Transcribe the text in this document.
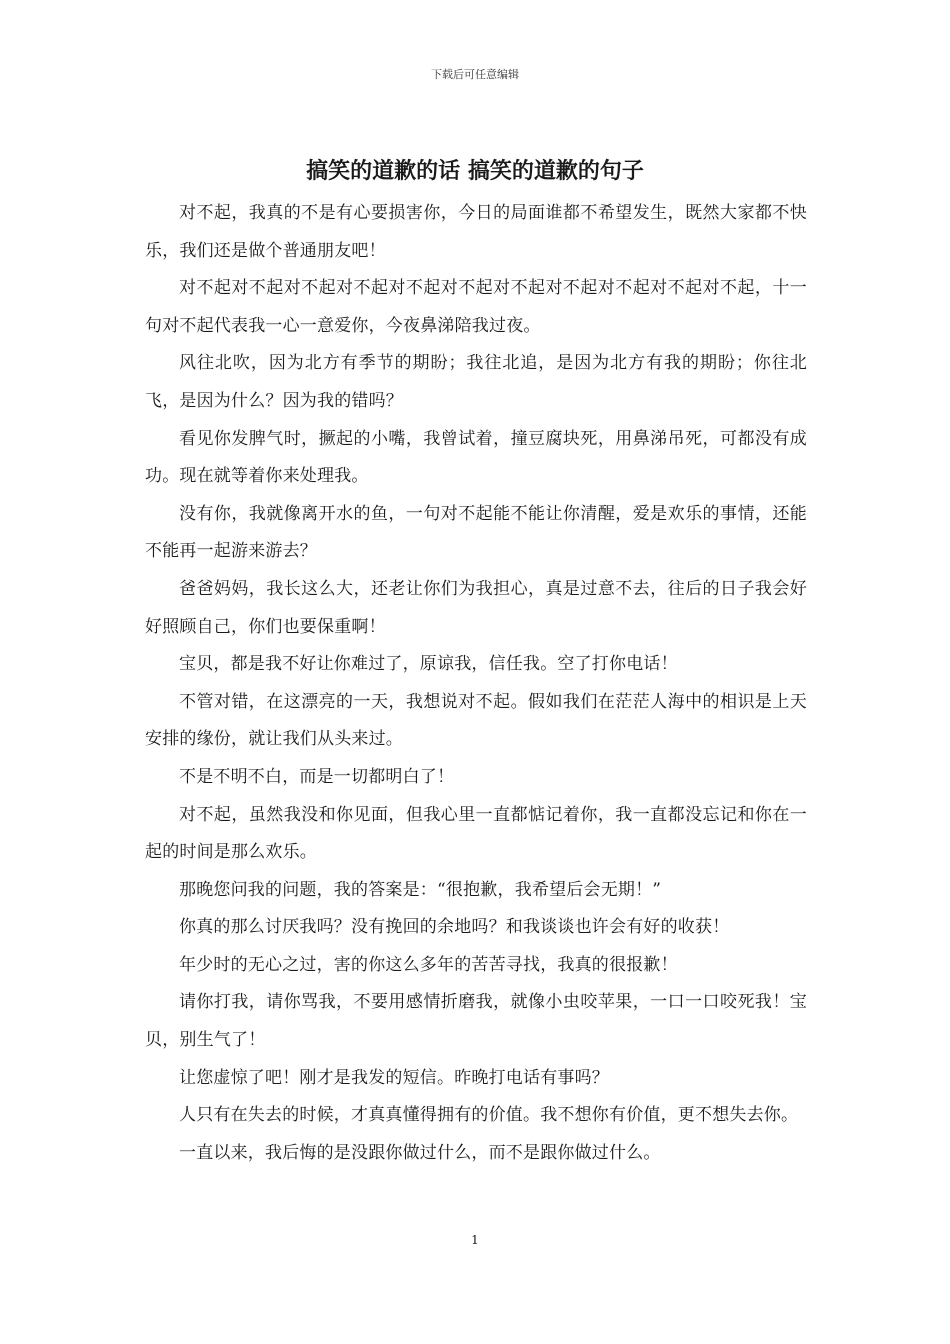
下载后可任意编辑
搞笑的道歉的话 搞笑的道歉的句子

对不起，我真的不是有心要损害你，今日的局面谁都不希望发生，既然大家都不快乐，我们还是做个普通朋友吧！

对不起对不起对不起对不起对不起对不起对不起对不起对不起对不起对不起，十一句对不起代表我一心一意爱你，今夜鼻涕陪我过夜。

风往北吹，因为北方有季节的期盼；我往北追，是因为北方有我的期盼；你往北飞，是因为什么？因为我的错吗？

看见你发脾气时，撅起的小嘴，我曾试着，撞豆腐块死，用鼻涕吊死，可都没有成功。现在就等着你来处理我。

没有你，我就像离开水的鱼，一句对不起能不能让你清醒，爱是欢乐的事情，还能不能再一起游来游去？

爸爸妈妈，我长这么大，还老让你们为我担心，真是过意不去，往后的日子我会好好照顾自己，你们也要保重啊！

宝贝，都是我不好让你难过了，原谅我，信任我。空了打你电话！

不管对错，在这漂亮的一天，我想说对不起。假如我们在茫茫人海中的相识是上天安排的缘份，就让我们从头来过。

不是不明不白，而是一切都明白了！

对不起，虽然我没和你见面，但我心里一直都惦记着你，我一直都没忘记和你在一起的时间是那么欢乐。

那晚您问我的问题，我的答案是：“很抱歉，我希望后会无期！”

你真的那么讨厌我吗？没有挽回的余地吗？和我谈谈也许会有好的收获！

年少时的无心之过，害的你这么多年的苦苦寻找，我真的很报歉！

请你打我，请你骂我，不要用感情折磨我，就像小虫咬苹果，一口一口咬死我！宝贝，别生气了！

让您虚惊了吧！刚才是我发的短信。昨晚打电话有事吗？

人只有在失去的时候，才真真懂得拥有的价值。我不想你有价值，更不想失去你。

一直以来，我后悔的是没跟你做过什么，而不是跟你做过什么。

1
